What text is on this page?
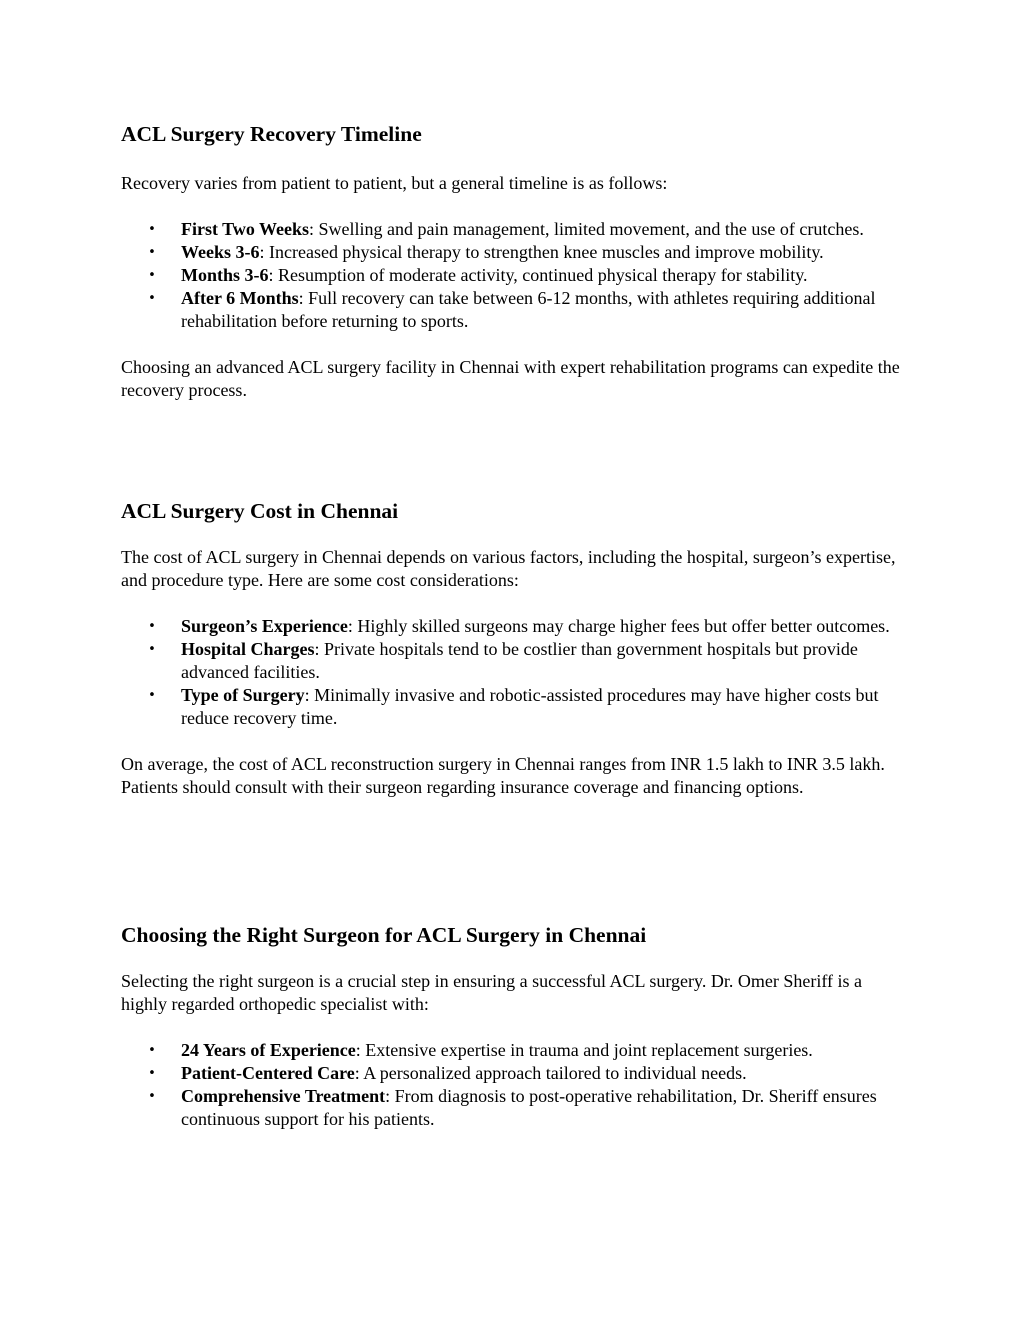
ACL Surgery Recovery Timeline

Recovery varies from patient to patient, but a general timeline is as follows:

• First Two Weeks: Swelling and pain management, limited movement, and the use of crutches.
• Weeks 3-6: Increased physical therapy to strengthen knee muscles and improve mobility.
• Months 3-6: Resumption of moderate activity, continued physical therapy for stability.
• After 6 Months: Full recovery can take between 6-12 months, with athletes requiring additional rehabilitation before returning to sports.

Choosing an advanced ACL surgery facility in Chennai with expert rehabilitation programs can expedite the recovery process.

ACL Surgery Cost in Chennai

The cost of ACL surgery in Chennai depends on various factors, including the hospital, surgeon’s expertise, and procedure type. Here are some cost considerations:

• Surgeon’s Experience: Highly skilled surgeons may charge higher fees but offer better outcomes.
• Hospital Charges: Private hospitals tend to be costlier than government hospitals but provide advanced facilities.
• Type of Surgery: Minimally invasive and robotic-assisted procedures may have higher costs but reduce recovery time.

On average, the cost of ACL reconstruction surgery in Chennai ranges from INR 1.5 lakh to INR 3.5 lakh. Patients should consult with their surgeon regarding insurance coverage and financing options.

Choosing the Right Surgeon for ACL Surgery in Chennai

Selecting the right surgeon is a crucial step in ensuring a successful ACL surgery. Dr. Omer Sheriff is a highly regarded orthopedic specialist with:

• 24 Years of Experience: Extensive expertise in trauma and joint replacement surgeries.
• Patient-Centered Care: A personalized approach tailored to individual needs.
• Comprehensive Treatment: From diagnosis to post-operative rehabilitation, Dr. Sheriff ensures continuous support for his patients.
